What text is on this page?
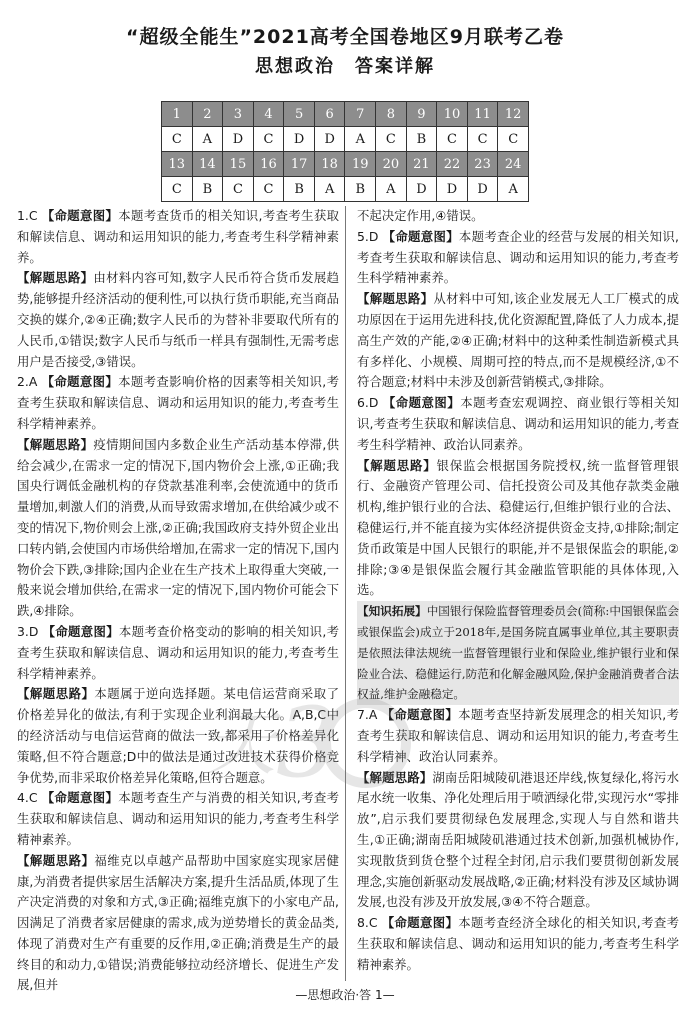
“超级全能生”2021高考全国卷地区9月联考乙卷
思想政治　答案详解
1	2	3	4	5	6	7	8	9	10	11	12
C	A	D	C	D	D	A	C	B	C	C	C
13	14	15	16	17	18	19	20	21	22	23	24
C	B	C	C	B	A	B	A	D	D	D	A

1.C 【命题意图】本题考查货币的相关知识,考查考生获取和解读信息、调动和运用知识的能力,考查考生科学精神素养。

【解题思路】由材料内容可知,数字人民币符合货币发展趋势,能够提升经济活动的便利性,可以执行货币职能,充当商品交换的媒介,②④正确;数字人民币的为替补非要取代所有的人民币,①错误;数字人民币与纸币一样具有强制性,无需考虑用户是否接受,③错误。

2.A 【命题意图】本题考查影响价格的因素等相关知识,考查考生获取和解读信息、调动和运用知识的能力,考查考生科学精神素养。

【解题思路】疫情期间国内多数企业生产活动基本停滞,供给会减少,在需求一定的情况下,国内物价会上涨,①正确;我国央行调低金融机构的存贷款基准利率,会使流通中的货币量增加,刺激人们的消费,从而导致需求增加,在供给减少或不变的情况下,物价则会上涨,②正确;我国政府支持外贸企业出口转内销,会使国内市场供给增加,在需求一定的情况下,国内物价会下跌,③排除;国内企业在生产技术上取得重大突破,一般来说会增加供给,在需求一定的情况下,国内物价可能会下跌,④排除。

3.D 【命题意图】本题考查价格变动的影响的相关知识,考查考生获取和解读信息、调动和运用知识的能力,考查考生科学精神素养。

【解题思路】本题属于逆向选择题。某电信运营商采取了价格差异化的做法,有利于实现企业利润最大化。A,B,C中的经济活动与电信运营商的做法一致,都采用了价格差异化策略,但不符合题意;D中的做法是通过改进技术获得价格竞争优势,而非采取价格差异化策略,但符合题意。

4.C 【命题意图】本题考查生产与消费的相关知识,考查考生获取和解读信息、调动和运用知识的能力,考查考生科学精神素养。

【解题思路】福维克以卓越产品帮助中国家庭实现家居健康,为消费者提供家居生活解决方案,提升生活品质,体现了生产决定消费的对象和方式,③正确;福维克旗下的小家电产品,因满足了消费者家居健康的需求,成为逆势增长的黄金品类,体现了消费对生产有重要的反作用,②正确;消费是生产的最终目的和动力,①错误;消费能够拉动经济增长、促进生产发展,但并

不起决定作用,④错误。

5.D 【命题意图】本题考查企业的经营与发展的相关知识,考查考生获取和解读信息、调动和运用知识的能力,考查考生科学精神素养。

【解题思路】从材料中可知,该企业发展无人工厂模式的成功原因在于运用先进科技,优化资源配置,降低了人力成本,提高生产效的产能,②④正确;材料中的这种柔性制造新模式具有多样化、小规模、周期可控的特点,而不是规模经济,①不符合题意;材料中未涉及创新营销模式,③排除。

6.D 【命题意图】本题考查宏观调控、商业银行等相关知识,考查考生获取和解读信息、调动和运用知识的能力,考查考生科学精神、政治认同素养。

【解题思路】银保监会根据国务院授权,统一监督管理银行、金融资产管理公司、信托投资公司及其他存款类金融机构,维护银行业的合法、稳健运行,但维护银行业的合法、稳健运行,并不能直接为实体经济提供资金支持,①排除;制定货币政策是中国人民银行的职能,并不是银保监会的职能,②排除;③④是银保监会履行其金融监管职能的具体体现,入选。

【知识拓展】中国银行保险监督管理委员会(简称:中国银保监会或银保监会)成立于2018年,是国务院直属事业单位,其主要职责是依照法律法规统一监督管理银行业和保险业,维护银行业和保险业合法、稳健运行,防范和化解金融风险,保护金融消费者合法权益,维护金融稳定。

7.A 【命题意图】本题考查坚持新发展理念的相关知识,考查考生获取和解读信息、调动和运用知识的能力,考查考生科学精神、政治认同素养。

【解题思路】湖南岳阳城陵矶港退还岸线,恢复绿化,将污水尾水统一收集、净化处理后用于喷洒绿化带,实现污水“零排放”,启示我们要贯彻绿色发展理念,实现人与自然和谐共生,①正确;湖南岳阳城陵矶港通过技术创新,加强机械协作,实现散货到货仓整个过程全封闭,启示我们要贯彻创新发展理念,实施创新驱动发展战略,②正确;材料没有涉及区域协调发展,也没有涉及开放发展,③④不符合题意。

8.C 【命题意图】本题考查经济全球化的相关知识,考查考生获取和解读信息、调动和运用知识的能力,考查考生科学精神素养。

天 3
—思想政治·答 1—
